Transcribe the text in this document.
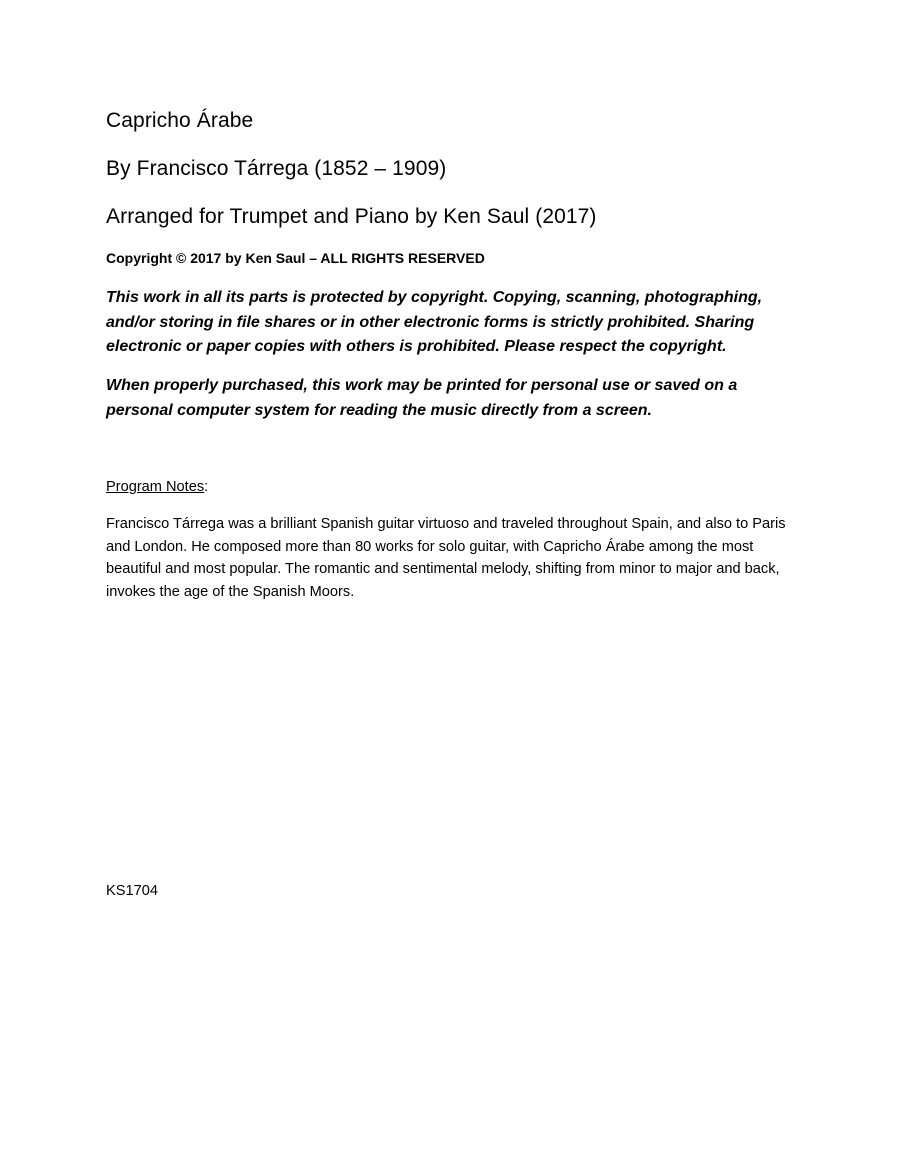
Capricho Árabe
By Francisco Tárrega (1852 – 1909)
Arranged for Trumpet and Piano by Ken Saul (2017)
Copyright © 2017 by Ken Saul – ALL RIGHTS RESERVED
This work in all its parts is protected by copyright. Copying, scanning, photographing, and/or storing in file shares or in other electronic forms is strictly prohibited. Sharing electronic or paper copies with others is prohibited. Please respect the copyright.
When properly purchased, this work may be printed for personal use or saved on a personal computer system for reading the music directly from a screen.
Program Notes:
Francisco Tárrega was a brilliant Spanish guitar virtuoso and traveled throughout Spain, and also to Paris and London. He composed more than 80 works for solo guitar, with Capricho Árabe among the most beautiful and most popular. The romantic and sentimental melody, shifting from minor to major and back, invokes the age of the Spanish Moors.
KS1704
